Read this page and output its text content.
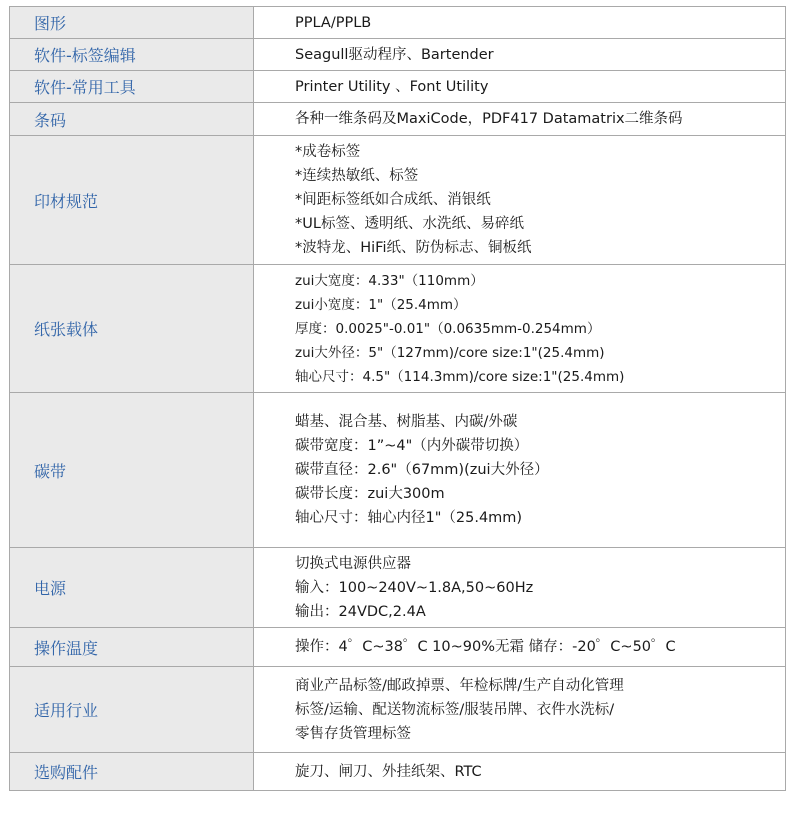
图形	PPLA/PPLB

软件-标签编辑	Seagull驱动程序、Bartender

软件-常用工具	Printer Utility 、Font Utility

条码	各种一维条码及MaxiCode，PDF417 Datamatrix二维条码

印材规范	*成卷标签
*连续热敏纸、标签
*间距标签纸如合成纸、消银纸
*UL标签、透明纸、水洗纸、易碎纸
*波特龙、HiFi纸、防伪标志、铜板纸

纸张载体	zui大宽度：4.33"（110mm）
zui小宽度：1"（25.4mm）
厚度：0.0025"-0.01"（0.0635mm-0.254mm）
zui大外径：5"（127mm)/core size:1"(25.4mm)
轴心尺寸：4.5"（114.3mm)/core size:1"(25.4mm)

碳带	蜡基、混合基、树脂基、内碳/外碳
碳带宽度：1”~4"（内外碳带切换）
碳带直径：2.6"（67mm)(zui大外径）
碳带长度：zui大300m
轴心尺寸：轴心内径1"（25.4mm)

电源	切换式电源供应器
输入：100~240V~1.8A,50~60Hz
输出：24VDC,2.4A

操作温度	操作：4゜C~38゜C 10~90%无霜 储存：-20゜C~50゜C

适用行业	商业产品标签/邮政掉票、年检标牌/生产自动化管理
标签/运输、配送物流标签/服装吊牌、衣件水洗标/
零售存货管理标签

选购配件	旋刀、闸刀、外挂纸架、RTC
